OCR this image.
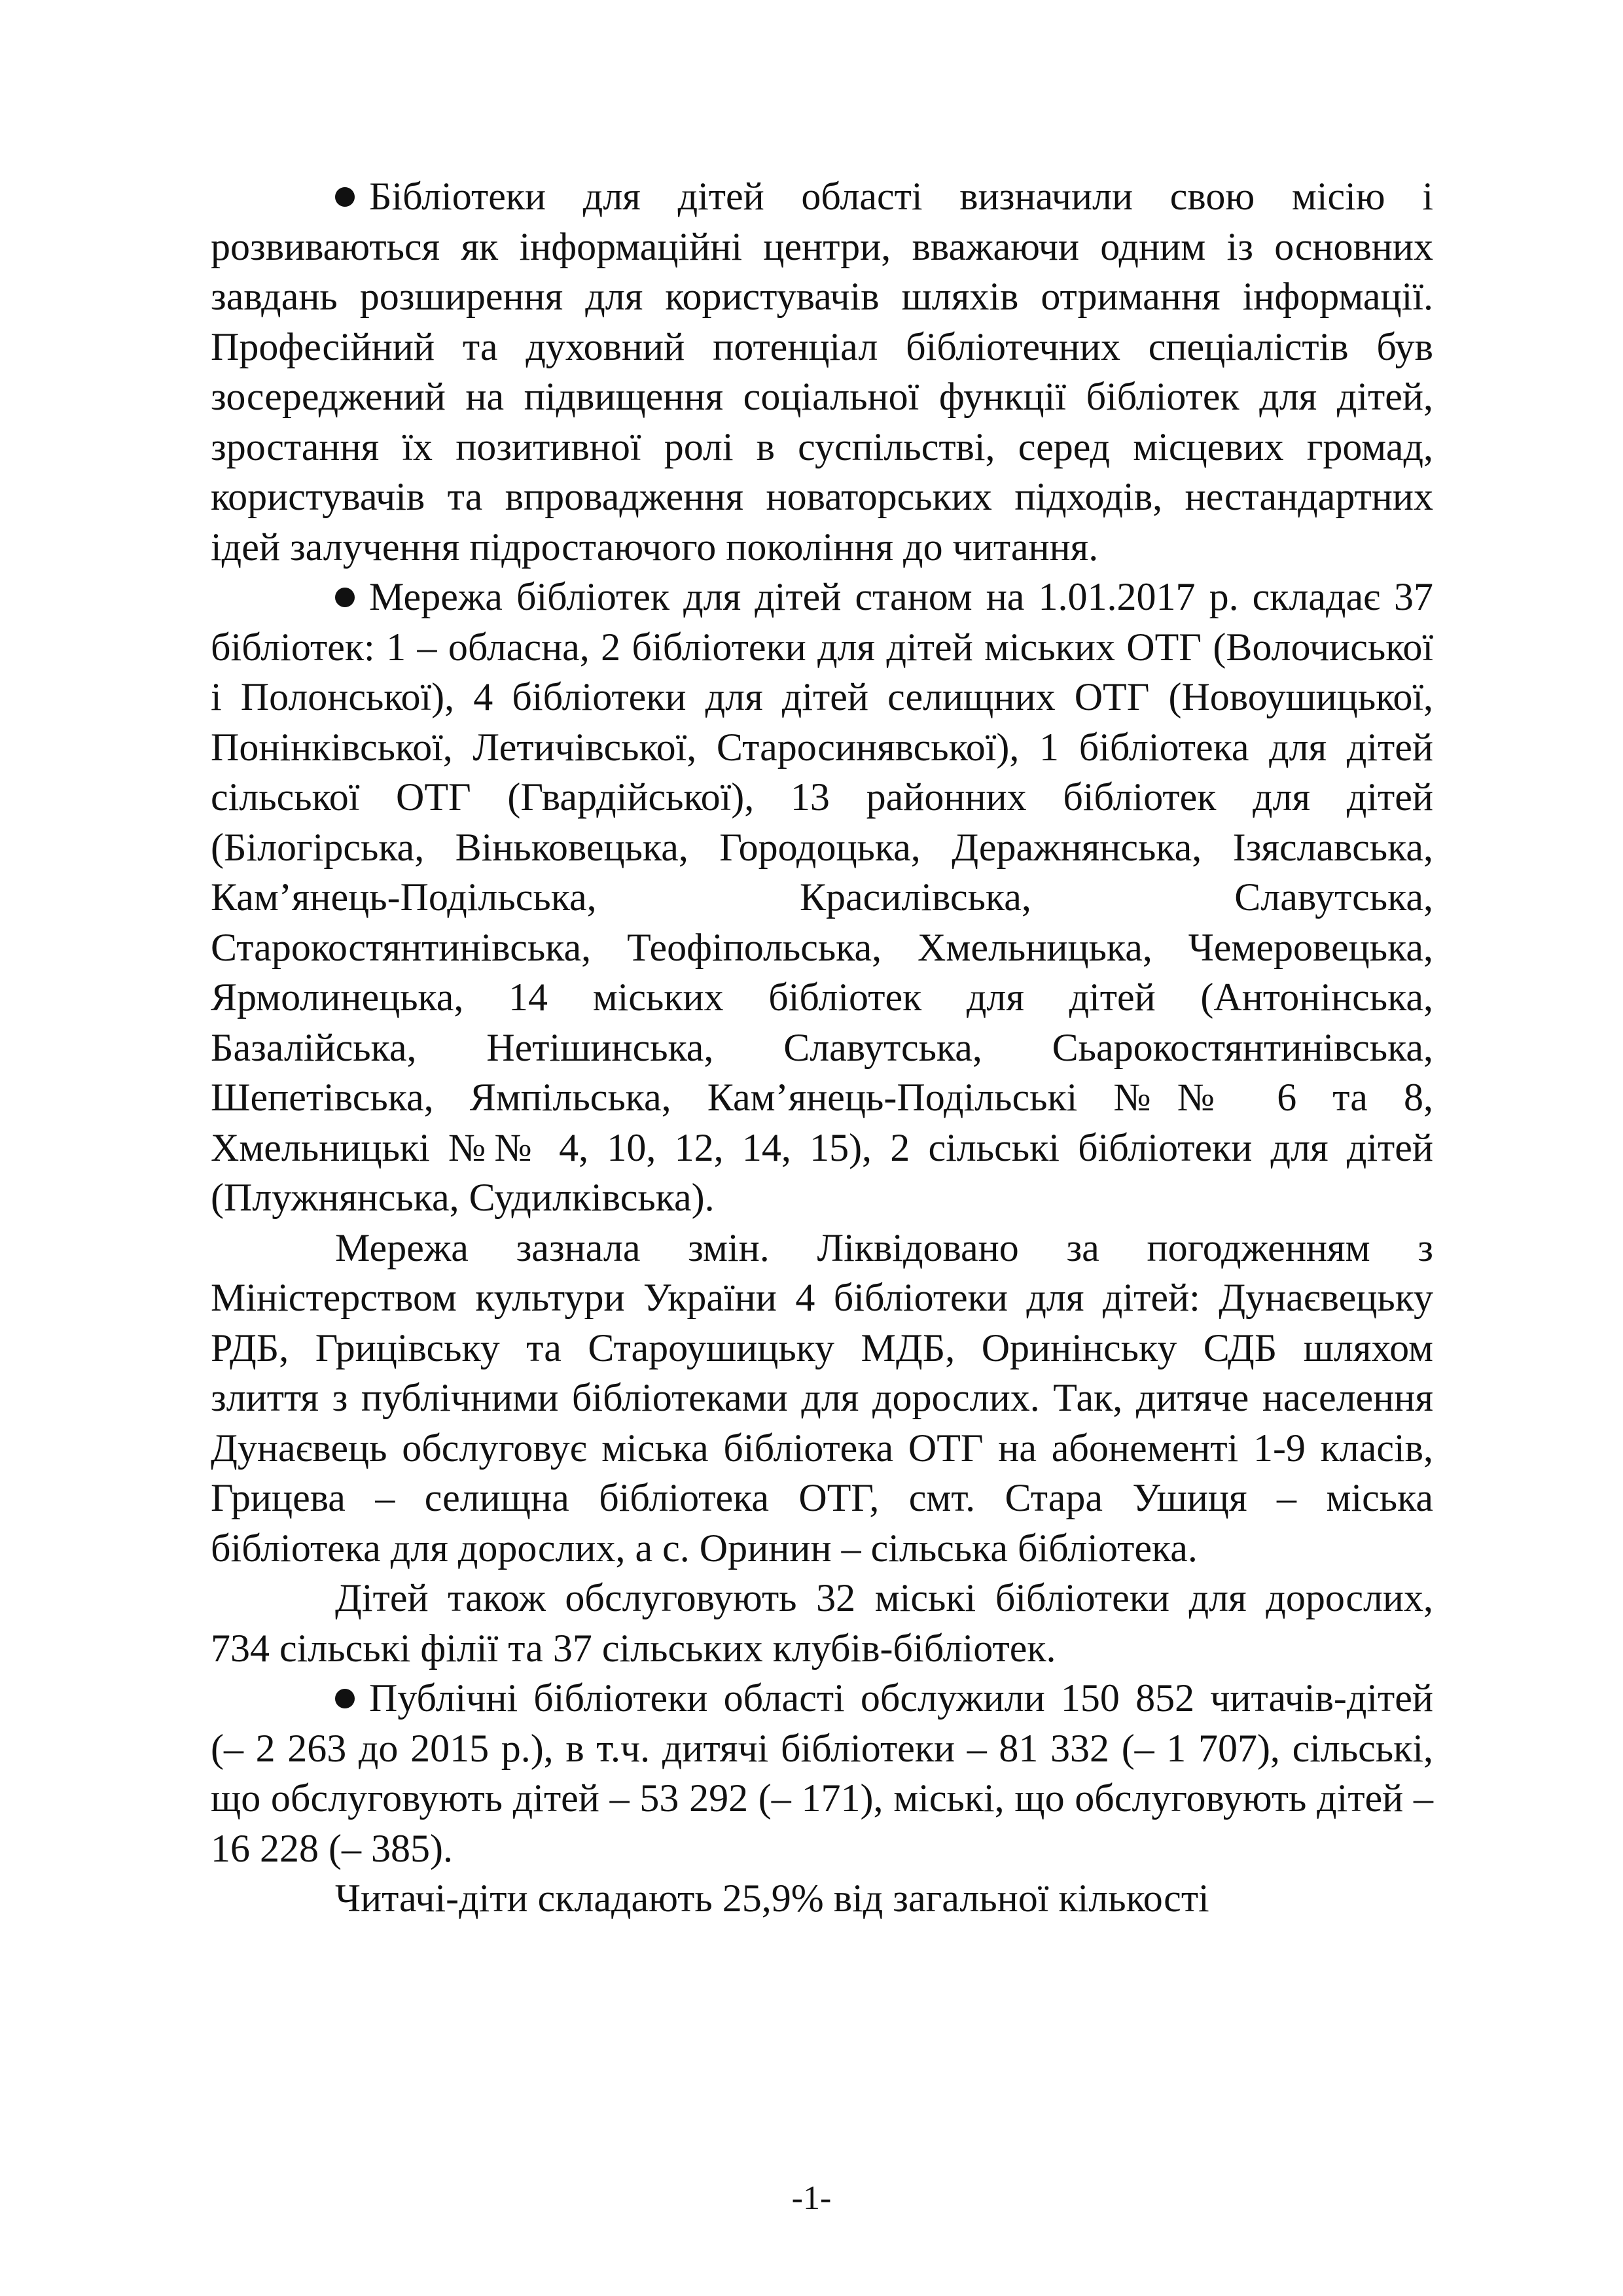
Бібліотеки для дітей області визначили свою місію і розвиваються як інформаційні центри, вважаючи одним із основних завдань розширення для користувачів шляхів отримання інформації. Професійний та духовний потенціал бібліотечних спеціалістів був зосереджений на підвищення соціальної функції бібліотек для дітей, зростання їх позитивної ролі в суспільстві, серед місцевих громад, користувачів та впровадження новаторських підходів, нестандартних ідей залучення підростаючого покоління до читання.

Мережа бібліотек для дітей станом на 1.01.2017 р. складає 37 бібліотек: 1 – обласна, 2 бібліотеки для дітей міських ОТГ (Волочиської і Полонської), 4 бібліотеки для дітей селищних ОТГ (Новоушицької, Понінківської, Летичівської, Старосинявської), 1 бібліотека для дітей сільської ОТГ (Гвардійської), 13 районних бібліотек для дітей (Білогірська, Віньковецька, Городоцька, Деражнянська, Ізяславська, Кам’янець-Подільська, Красилівська, Славутська, Старокостянтинівська, Теофіпольська, Хмельницька, Чемеровецька, Ярмолинецька, 14 міських бібліотек для дітей (Антонінська, Базалійська, Нетішинська, Славутська, Сьарокостянтинівська, Шепетівська, Ямпільська, Кам’янець-Подільські №№ 6 та 8, Хмельницькі №№ 4, 10, 12, 14, 15), 2 сільські бібліотеки для дітей (Плужнянська, Судилківська).

Мережа зазнала змін. Ліквідовано за погодженням з Міністерством культури України 4 бібліотеки для дітей: Дунаєвецьку РДБ, Грицівську та Староушицьку МДБ, Оринінську СДБ шляхом злиття з публічними бібліотеками для дорослих. Так, дитяче населення Дунаєвець обслуговує міська бібліотека ОТГ на абонементі 1-9 класів, Грицева – селищна бібліотека ОТГ, смт. Стара Ушиця – міська бібліотека для дорослих, а с. Оринин – сільська бібліотека.

Дітей також обслуговують 32 міські бібліотеки для дорослих, 734 сільські філії та 37 сільських клубів-бібліотек.

Публічні бібліотеки області обслужили 150 852 читачів-дітей (– 2 263 до 2015 р.), в т.ч. дитячі бібліотеки – 81 332 (– 1 707), сільські, що обслуговують дітей – 53 292 (– 171), міські, що обслуговують дітей – 16 228 (– 385).

Читачі-діти складають 25,9% від загальної кількості

-1-
